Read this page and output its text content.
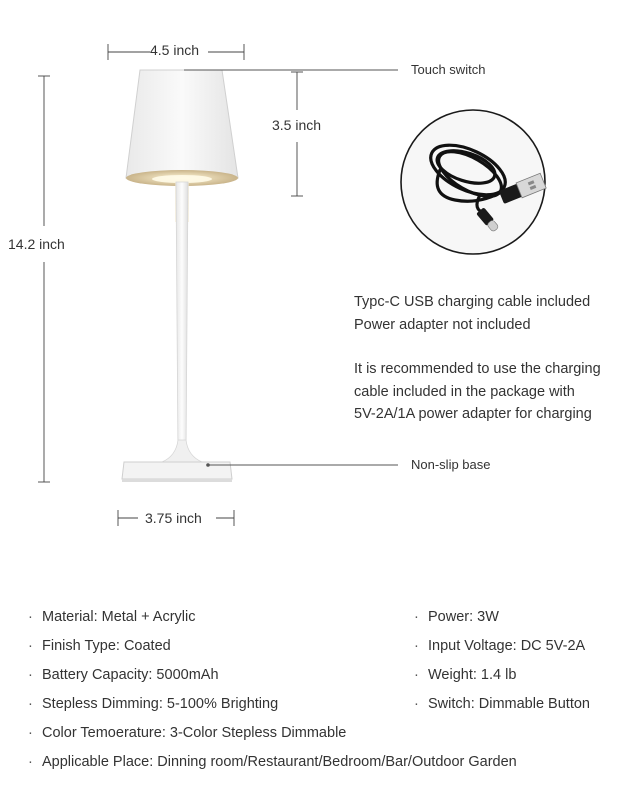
4.5 inch
3.5 inch
14.2 inch
3.75 inch
Touch switch
Non-slip base
Typc-C USB charging cable included
Power adapter not included
It is recommended to use the charging
cable included in the package with
5V-2A/1A power adapter for charging
· Material: Metal + Acrylic
· Finish Type: Coated
· Battery Capacity: 5000mAh
· Stepless Dimming: 5-100% Brighting
· Color Temoerature: 3-Color Stepless Dimmable
· Applicable Place: Dinning room/Restaurant/Bedroom/Bar/Outdoor Garden
· Power: 3W
· Input Voltage: DC 5V-2A
· Weight: 1.4 lb
· Switch: Dimmable Button
